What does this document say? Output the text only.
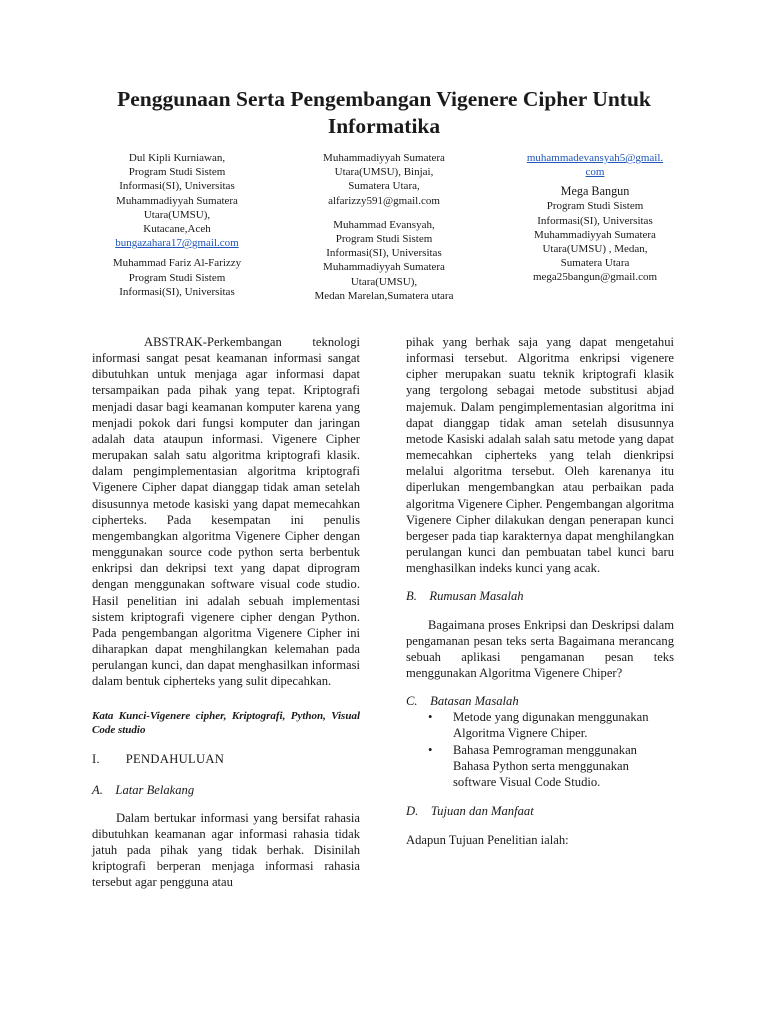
Penggunaan Serta Pengembangan Vigenere Cipher Untuk Informatika
Dul Kipli Kurniawan,
Program Studi Sistem
Informasi(SI), Universitas
Muhammadiyyah Sumatera
Utara(UMSU),
Kutacane,Aceh
bungazahara17@gmail.com
Muhammad Fariz Al-Farizzy
Program Studi Sistem
Informasi(SI), Universitas
Muhammadiyyah Sumatera
Utara(UMSU), Binjai,
Sumatera Utara,
alfarizzy591@gmail.com
Muhammad Evansyah,
Program Studi Sistem
Informasi(SI), Universitas
Muhammadiyyah Sumatera
Utara(UMSU),
Medan Marelan,Sumatera utara
muhammadevansyah5@gmail.
com
Mega Bangun
Program Studi Sistem
Informasi(SI), Universitas
Muhammadiyyah Sumatera
Utara(UMSU) , Medan,
Sumatera Utara
mega25bangun@gmail.com

ABSTRAK-Perkembangan teknologi informasi sangat pesat keamanan informasi sangat dibutuhkan untuk menjaga agar informasi dapat tersampaikan pada pihak yang tepat. Kriptografi menjadi dasar bagi keamanan komputer karena yang menjadi pokok dari fungsi komputer dan jaringan adalah data ataupun informasi. Vigenere Cipher merupakan salah satu algoritma kriptografi klasik. dalam pengimplementasian algoritma kriptografi Vigenere Cipher dapat dianggap tidak aman setelah disusunnya metode kasiski yang dapat memecahkan cipherteks. Pada kesempatan ini penulis mengembangkan algoritma Vigenere Cipher dengan menggunakan source code python serta berbentuk enkripsi dan dekripsi text yang dapat diprogram dengan menggunakan software visual code studio. Hasil penelitian ini adalah sebuah implementasi sistem kriptografi vigenere cipher dengan Python. Pada pengembangan algoritma Vigenere Cipher ini diharapkan dapat menghilangkan kelemahan pada perulangan kunci, dan dapat menghasilkan informasi dalam bentuk cipherteks yang sulit dipecahkan.

Kata Kunci-Vigenere cipher, Kriptografi, Python, Visual Code studio

I.  PENDAHULUAN

A. Latar Belakang

Dalam bertukar informasi yang bersifat rahasia dibutuhkan keamanan agar informasi rahasia tidak jatuh pada pihak yang tidak berhak. Disinilah kriptografi berperan menjaga informasi rahasia tersebut agar pengguna atau

pihak yang berhak saja yang dapat mengetahui informasi tersebut. Algoritma enkripsi vigenere cipher merupakan suatu teknik kriptografi klasik yang tergolong sebagai metode substitusi abjad majemuk. Dalam pengimplementasian algoritma ini dapat dianggap tidak aman setelah disusunnya metode Kasiski adalah salah satu metode yang dapat memecahkan cipherteks yang telah dienkripsi melalui algoritma tersebut. Oleh karenanya itu diperlukan mengembangkan atau perbaikan pada algoritma Vigenere Cipher. Pengembangan algoritma Vigenere Cipher dilakukan dengan penerapan kunci bergeser pada tiap karakternya dapat menghilangkan perulangan kunci dan pembuatan tabel kunci baru menghasilkan indeks kunci yang acak.

B. Rumusan Masalah

Bagaimana proses Enkripsi dan Deskripsi dalam pengamanan pesan teks serta Bagaimana merancang sebuah aplikasi pengamanan pesan teks menggunakan Algoritma Vigenere Chiper?

C. Batasan Masalah

• Metode yang digunakan menggunakan Algoritma Vignere Chiper.
• Bahasa Pemrograman menggunakan Bahasa Python serta menggunakan software Visual Code Studio.

D. Tujuan dan Manfaat

Adapun Tujuan Penelitian ialah:
